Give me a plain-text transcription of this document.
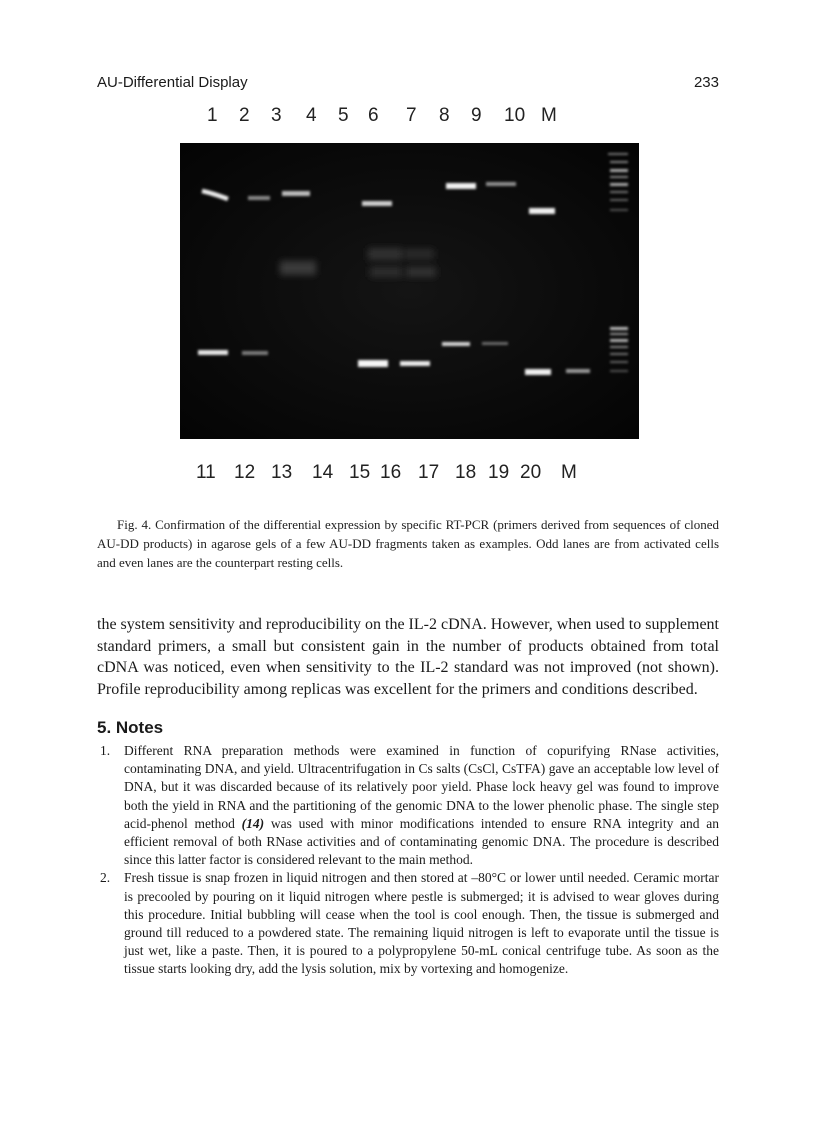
AU-Differential Display	233
1 2 3 4 5 6 7 8 9 10 M
11 12 13 14 15 16 17 18 19 20 M

Fig. 4. Confirmation of the differential expression by specific RT-PCR (primers derived from sequences of cloned AU-DD products) in agarose gels of a few AU-DD fragments taken as examples. Odd lanes are from activated cells and even lanes are the counterpart resting cells.

the system sensitivity and reproducibility on the IL-2 cDNA. However, when used to supplement standard primers, a small but consistent gain in the number of products obtained from total cDNA was noticed, even when sensitivity to the IL-2 standard was not improved (not shown). Profile reproducibility among replicas was excellent for the primers and conditions described.

5. Notes
1. Different RNA preparation methods were examined in function of copurifying RNase activities, contaminating DNA, and yield. Ultracentrifugation in Cs salts (CsCl, CsTFA) gave an acceptable low level of DNA, but it was discarded because of its relatively poor yield. Phase lock heavy gel was found to improve both the yield in RNA and the partitioning of the genomic DNA to the lower phenolic phase. The single step acid-phenol method (14) was used with minor modifications intended to ensure RNA integrity and an efficient removal of both RNase activities and of contaminating genomic DNA. The procedure is described since this latter factor is considered relevant to the main method.
2. Fresh tissue is snap frozen in liquid nitrogen and then stored at –80°C or lower until needed. Ceramic mortar is precooled by pouring on it liquid nitrogen where pestle is submerged; it is advised to wear gloves during this procedure. Initial bubbling will cease when the tool is cool enough. Then, the tissue is submerged and ground till reduced to a powdered state. The remaining liquid nitrogen is left to evaporate until the tissue is just wet, like a paste. Then, it is poured to a polypropylene 50-mL conical centrifuge tube. As soon as the tissue starts looking dry, add the lysis solution, mix by vortexing and homogenize.
